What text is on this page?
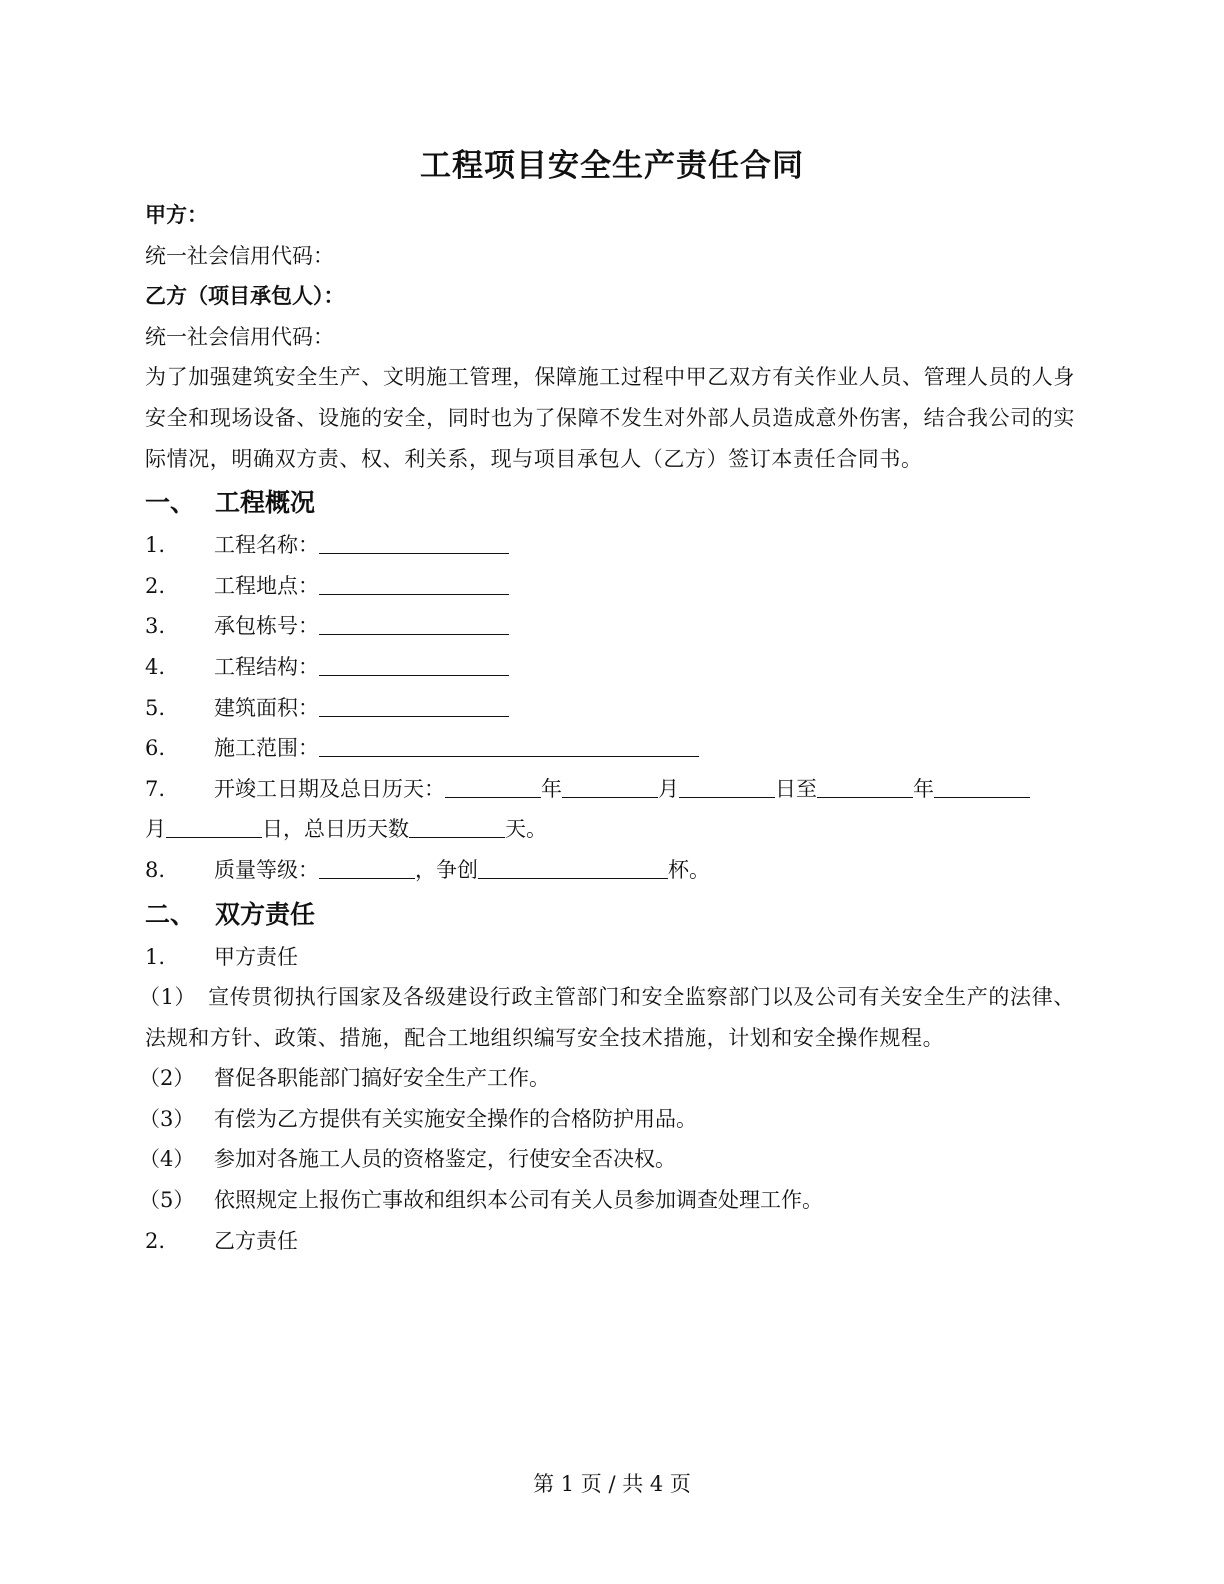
工程项目安全生产责任合同
甲方：
统一社会信用代码：
乙方（项目承包人）：
统一社会信用代码：
为了加强建筑安全生产、文明施工管理，保障施工过程中甲乙双方有关作业人员、管理人员的人身安全和现场设备、设施的安全，同时也为了保障不发生对外部人员造成意外伤害，结合我公司的实际情况，明确双方责、权、利关系，现与项目承包人（乙方）签订本责任合同书。
一、 工程概况
1.	工程名称：
2.	工程地点：
3.	承包栋号：
4.	工程结构：
5.	建筑面积：
6.	施工范围：
7.	开竣工日期及总日历天：	年	月	日至	年
月	日，总日历天数	天。
8.	质量等级：	，争创	杯。
二、 双方责任
1.	甲方责任
（1） 宣传贯彻执行国家及各级建设行政主管部门和安全监察部门以及公司有关安全生产的法律、法规和方针、政策、措施，配合工地组织编写安全技术措施，计划和安全操作规程。
（2） 督促各职能部门搞好安全生产工作。
（3） 有偿为乙方提供有关实施安全操作的合格防护用品。
（4） 参加对各施工人员的资格鉴定，行使安全否决权。
（5） 依照规定上报伤亡事故和组织本公司有关人员参加调查处理工作。
2.	乙方责任
第 1 页 / 共 4 页
